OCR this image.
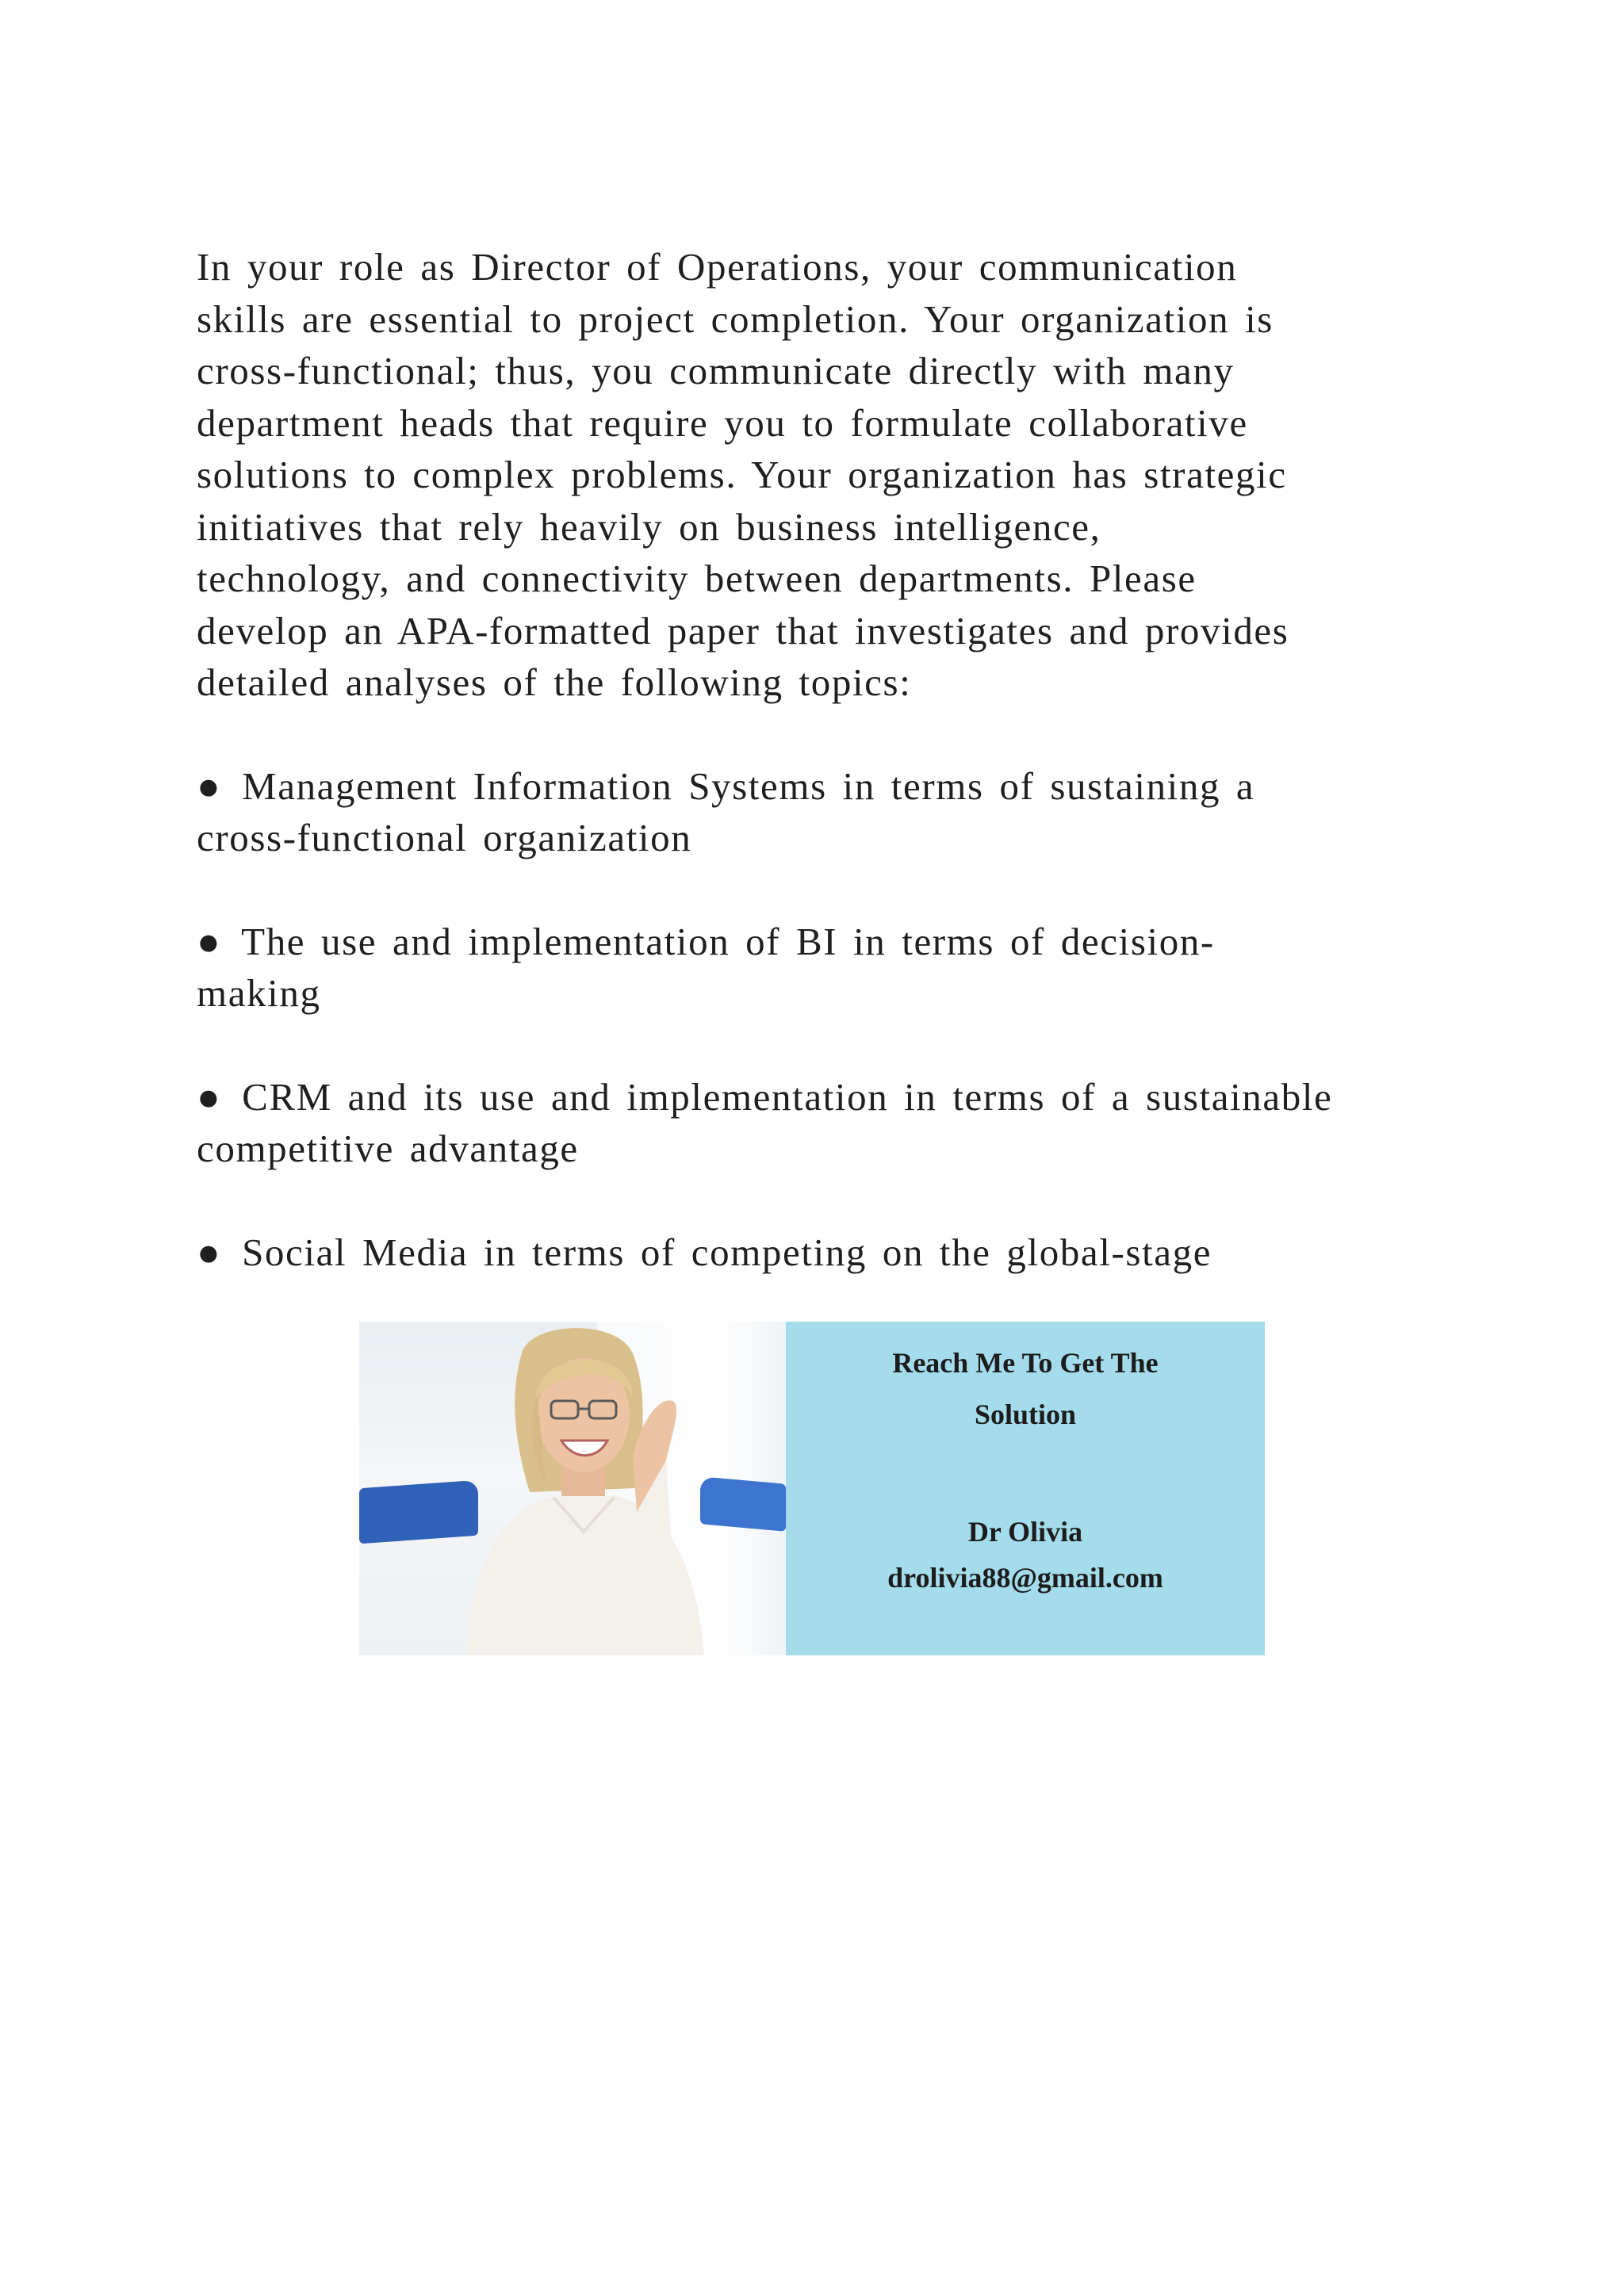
In your role as Director of Operations, your communication
skills are essential to project completion. Your organization is
cross-functional; thus, you communicate directly with many
department heads that require you to formulate collaborative
solutions to complex problems. Your organization has strategic
initiatives that rely heavily on business intelligence,
technology, and connectivity between departments. Please
develop an APA-formatted paper that investigates and provides
detailed analyses of the following topics:
● Management Information Systems in terms of sustaining a
cross-functional organization
● The use and implementation of BI in terms of decision-
making
● CRM and its use and implementation in terms of a sustainable
competitive advantage
● Social Media in terms of competing on the global-stage
Reach Me To Get The
Solution
Dr Olivia
drolivia88@gmail.com
